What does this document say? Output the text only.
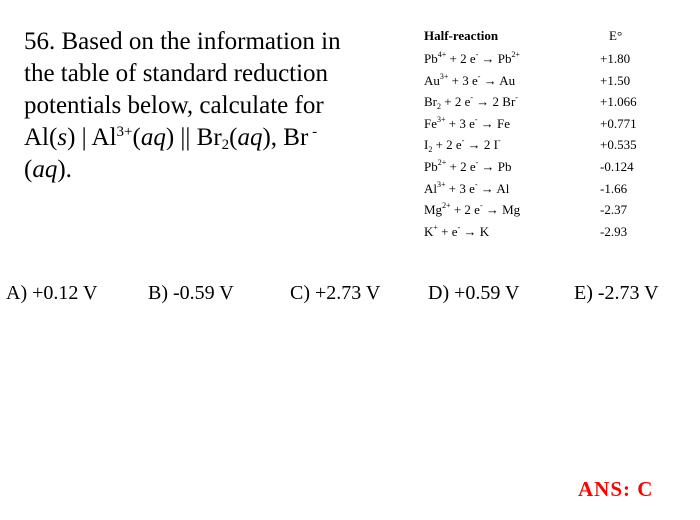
56. Based on the information in

the table of standard reduction

potentials below, calculate for

Al(s) | $Al^{3+}(aq)$ || $Br_2(aq)$, Br -

(aq).

Half-reaction	E°
$Pb^{4+} + 2$ $e^- \to Pb^{2+}$	+1.80
$Au^{3+} + 3$ e- → Au	+1.50
$Br_2 + 2$ e- → 2 Br-	+1.066
$Fe^{3+} + 3$ e- → Fe	+0.771
$I_2 + 2$ e- → 2 I-	+0.535
$Pb^{2+} + 2$ e- → Pb	-0.124
$Al^{3+} + 3$ e- → Al	-1.66
$Mg^{2+} + 2$ e- → Mg	-2.37
K+ + e- → K	-2.93
A) +0.12 V	B) -0.59 V	C) +2.73 V D) +0.59 V	E) -2.73 V
ANS: C
